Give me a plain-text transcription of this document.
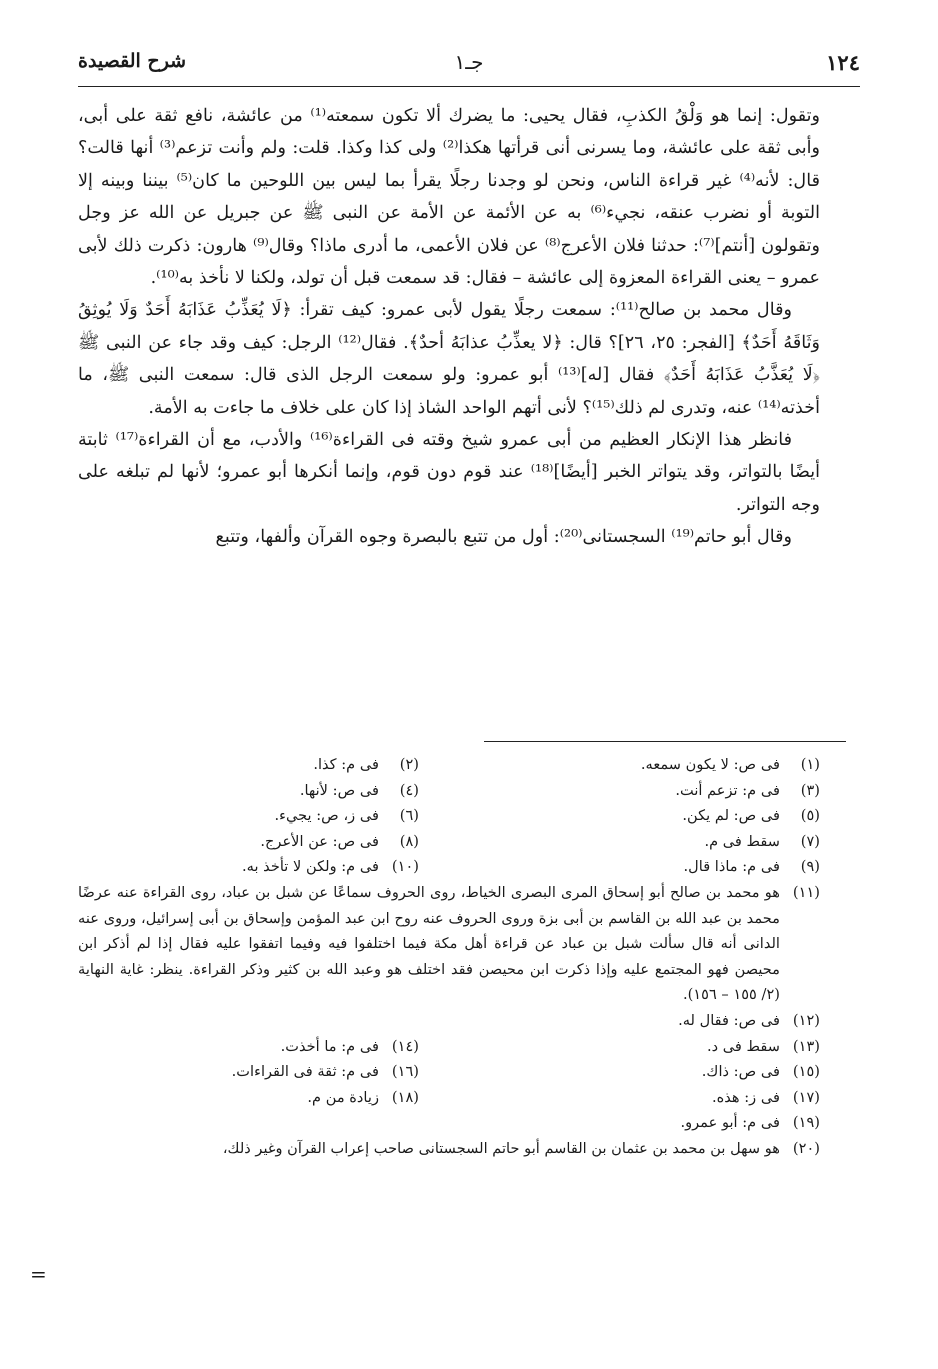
١٢٤
جـ١
شرح القصيدة

وتقول: إنما هو وَلْقُ الكذبِ، فقال يحيى: ما يضرك ألا تكون سمعته⁽¹⁾ من عائشة، نافع ثقة على أبى، وأبى ثقة على عائشة، وما يسرنى أنى قرأتها هكذا⁽²⁾ ولى كذا وكذا. قلت: ولم وأنت تزعم⁽³⁾ أنها قالت؟ قال: لأنه⁽⁴⁾ غير قراءة الناس، ونحن لو وجدنا رجلًا يقرأ بما ليس بين اللوحين ما كان⁽⁵⁾ بيننا وبينه إلا التوبة أو نضرب عنقه، نجيء⁽⁶⁾ به عن الأئمة عن الأمة عن النبى ﷺ عن جبريل عن الله عز وجل وتقولون [أنتم]⁽⁷⁾: حدثنا فلان الأعرج⁽⁸⁾ عن فلان الأعمى، ما أدرى ماذا؟ وقال⁽⁹⁾ هارون: ذكرت ذلك لأبى عمرو – يعنى القراءة المعزوة إلى عائشة – فقال: قد سمعت قبل أن تولد، ولكنا لا نأخذ به⁽¹⁰⁾.

وقال محمد بن صالح⁽¹¹⁾: سمعت رجلًا يقول لأبى عمرو: كيف تقرأ: ﴿لَا يُعَذِّبُ عَذَابَهُ أَحَدٌ وَلَا يُوثِقُ وَثَاقَهُ أَحَدٌ﴾ [الفجر: ٢٥، ٢٦]؟ قال: ﴿لا يعذِّبُ عذابَهُ أحدٌ﴾. فقال⁽¹²⁾ الرجل: كيف وقد جاء عن النبى ﷺ ﴿لَا يُعَذَّبُ عَذَابَهُ أَحَدٌ﴾ فقال [له]⁽¹³⁾ أبو عمرو: ولو سمعت الرجل الذى قال: سمعت النبى ﷺ، ما أخذته⁽¹⁴⁾ عنه، وتدرى لم ذلك⁽¹⁵⁾؟ لأنى أتهم الواحد الشاذ إذا كان على خلاف ما جاءت به الأمة.

فانظر هذا الإنكار العظيم من أبى عمرو شيخ وقته فى القراءة⁽¹⁶⁾ والأدب، مع أن القراءة⁽¹⁷⁾ ثابتة أيضًا بالتواتر، وقد يتواتر الخبر [أيضًا]⁽¹⁸⁾ عند قوم دون قوم، وإنما أنكرها أبو عمرو؛ لأنها لم تبلغه على وجه التواتر.

وقال أبو حاتم⁽¹⁹⁾ السجستانى⁽²⁰⁾: أول من تتبع بالبصرة وجوه القرآن وألفها، وتتبع

(١)
فى ص: لا يكون سمعه.
(٢)
فى م: كذا.
(٣)
فى م: تزعم أنت.
(٤)
فى ص: لأنها.
(٥)
فى ص: لم يكن.
(٦)
فى ز، ص: يجيء.
(٧)
سقط فى م.
(٨)
فى ص: عن الأعرج.
(٩)
فى م: ماذا قال.
(١٠)
فى م: ولكن لا تأخذ به.
(١١)
هو محمد بن صالح أبو إسحاق المرى البصرى الخياط، روى الحروف سماعًا عن شبل بن عباد، روى القراءة عنه عرضًا محمد بن عبد الله بن القاسم بن أبى بزة وروى الحروف عنه روح ابن عبد المؤمن وإسحاق بن أبى إسرائيل، وروى عنه الدانى أنه قال سألت شبل بن عباد عن قراءة أهل مكة فيما اختلفوا فيه وفيما اتفقوا عليه فقال إذا لم أذكر ابن محيصن فهو المجتمع عليه وإذا ذكرت ابن محيصن فقد اختلف هو وعبد الله بن كثير وذكر القراءة. ينظر: غاية النهاية (٢/ ١٥٥ – ١٥٦).
(١٢)
فى ص: فقال له.
(١٣)
سقط فى د.
(١٤)
فى م: ما أخذت.
(١٥)
فى ص: ذاك.
(١٦)
فى م: ثقة فى القراءات.
(١٧)
فى ز: هذه.
(١٨)
زيادة من م.
(١٩)
فى م: أبو عمرو.
(٢٠)
هو سهل بن محمد بن عثمان بن القاسم أبو حاتم السجستانى صاحب إعراب القرآن وغير ذلك،
=
